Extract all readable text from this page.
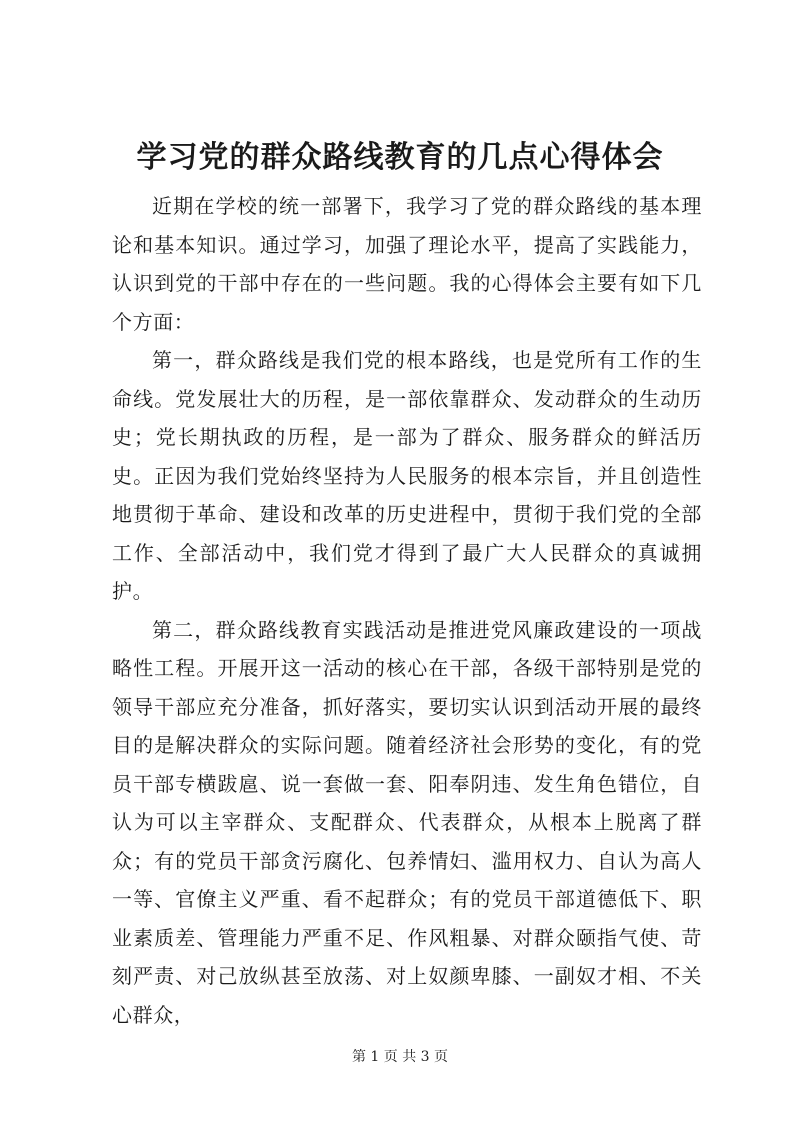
学习党的群众路线教育的几点心得体会

近期在学校的统一部署下，我学习了党的群众路线的基本理论和基本知识。通过学习，加强了理论水平，提高了实践能力，认识到党的干部中存在的一些问题。我的心得体会主要有如下几个方面：

第一，群众路线是我们党的根本路线，也是党所有工作的生命线。党发展壮大的历程，是一部依靠群众、发动群众的生动历史；党长期执政的历程，是一部为了群众、服务群众的鲜活历史。正因为我们党始终坚持为人民服务的根本宗旨，并且创造性地贯彻于革命、建设和改革的历史进程中，贯彻于我们党的全部工作、全部活动中，我们党才得到了最广大人民群众的真诚拥护。

第二，群众路线教育实践活动是推进党风廉政建设的一项战略性工程。开展开这一活动的核心在干部，各级干部特别是党的领导干部应充分准备，抓好落实，要切实认识到活动开展的最终目的是解决群众的实际问题。随着经济社会形势的变化，有的党员干部专横跋扈、说一套做一套、阳奉阴违、发生角色错位，自认为可以主宰群众、支配群众、代表群众，从根本上脱离了群众；有的党员干部贪污腐化、包养情妇、滥用权力、自认为高人一等、官僚主义严重、看不起群众；有的党员干部道德低下、职业素质差、管理能力严重不足、作风粗暴、对群众颐指气使、苛刻严责、对己放纵甚至放荡、对上奴颜卑膝、一副奴才相、不关心群众，

第 1 页 共 3 页
